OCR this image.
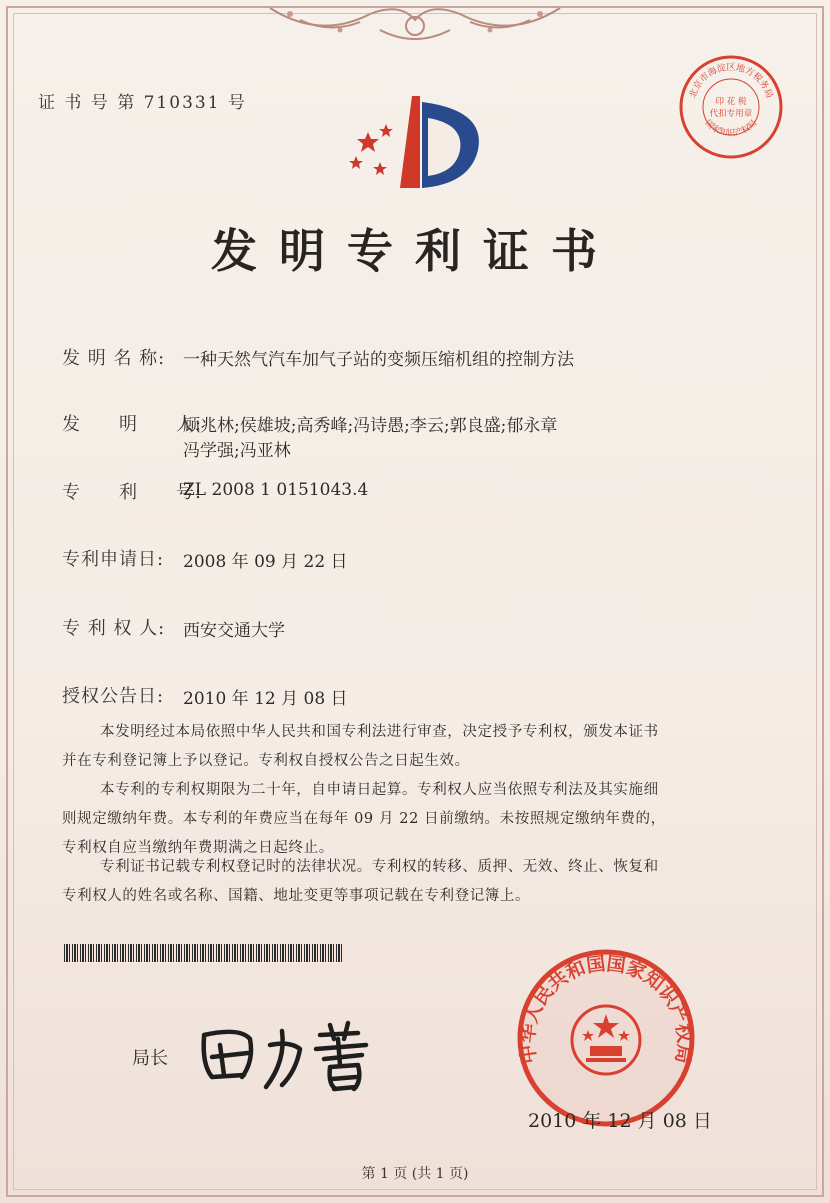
证 书 号 第 710331 号
发明专利证书
北京市海淀区地方税务局
印 花 税
代扣专用章
国家知识产权局
发 明 名 称: 一种天然气汽车加气子站的变频压缩机组的控制方法
发　　明　　人:
顾兆林;侯雄坡;高秀峰;冯诗愚;李云;郭良盛;郁永章
冯学强;冯亚林
专　　利　　号:
ZL 2008 1 0151043.4
专利申请日: 2008 年 09 月 22 日
专 利 权 人: 西安交通大学
授权公告日: 2010 年 12 月 08 日
本发明经过本局依照中华人民共和国专利法进行审查，决定授予专利权，颁发本证书
并在专利登记簿上予以登记。专利权自授权公告之日起生效。
本专利的专利权期限为二十年，自申请日起算。专利权人应当依照专利法及其实施细
则规定缴纳年费。本专利的年费应当在每年 09 月 22 日前缴纳。未按照规定缴纳年费的，
专利权自应当缴纳年费期满之日起终止。
专利证书记载专利权登记时的法律状况。专利权的转移、质押、无效、终止、恢复和
专利权人的姓名或名称、国籍、地址变更等事项记载在专利登记簿上。
局长	中华人民共和国国家知识产权局
2010 年 12 月 08 日
第 1 页 (共 1 页)
